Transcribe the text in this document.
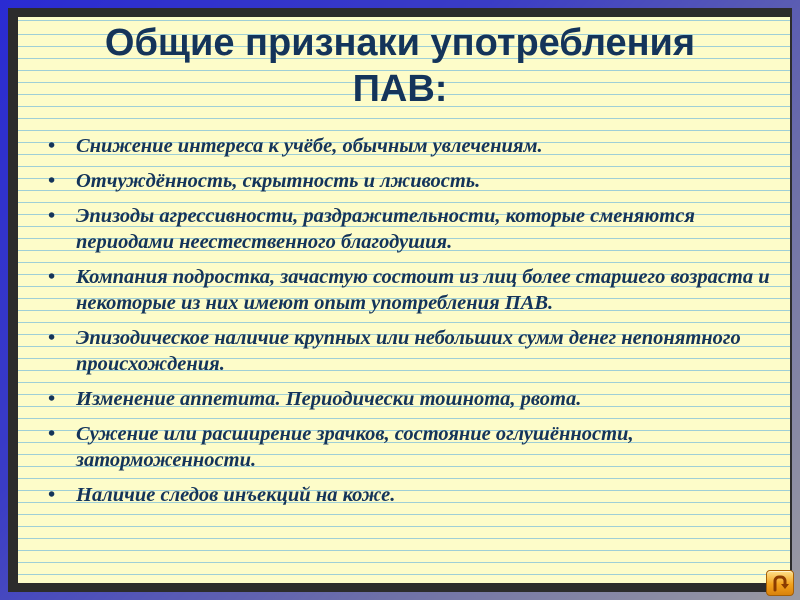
Общие признаки употребления
ПАВ:
• Снижение интереса к учёбе, обычным увлечениям.
• Отчуждённость, скрытность и лживость.
• Эпизоды агрессивности, раздражительности, которые сменяются периодами неестественного благодушия.
• Компания подростка, зачастую состоит из лиц более старшего возраста и некоторые из них имеют опыт употребления ПАВ.
• Эпизодическое наличие крупных или небольших сумм денег непонятного происхождения.
• Изменение аппетита. Периодически тошнота, рвота.
• Сужение или расширение зрачков, состояние оглушённости, заторможенности.
• Наличие следов инъекций на коже.
